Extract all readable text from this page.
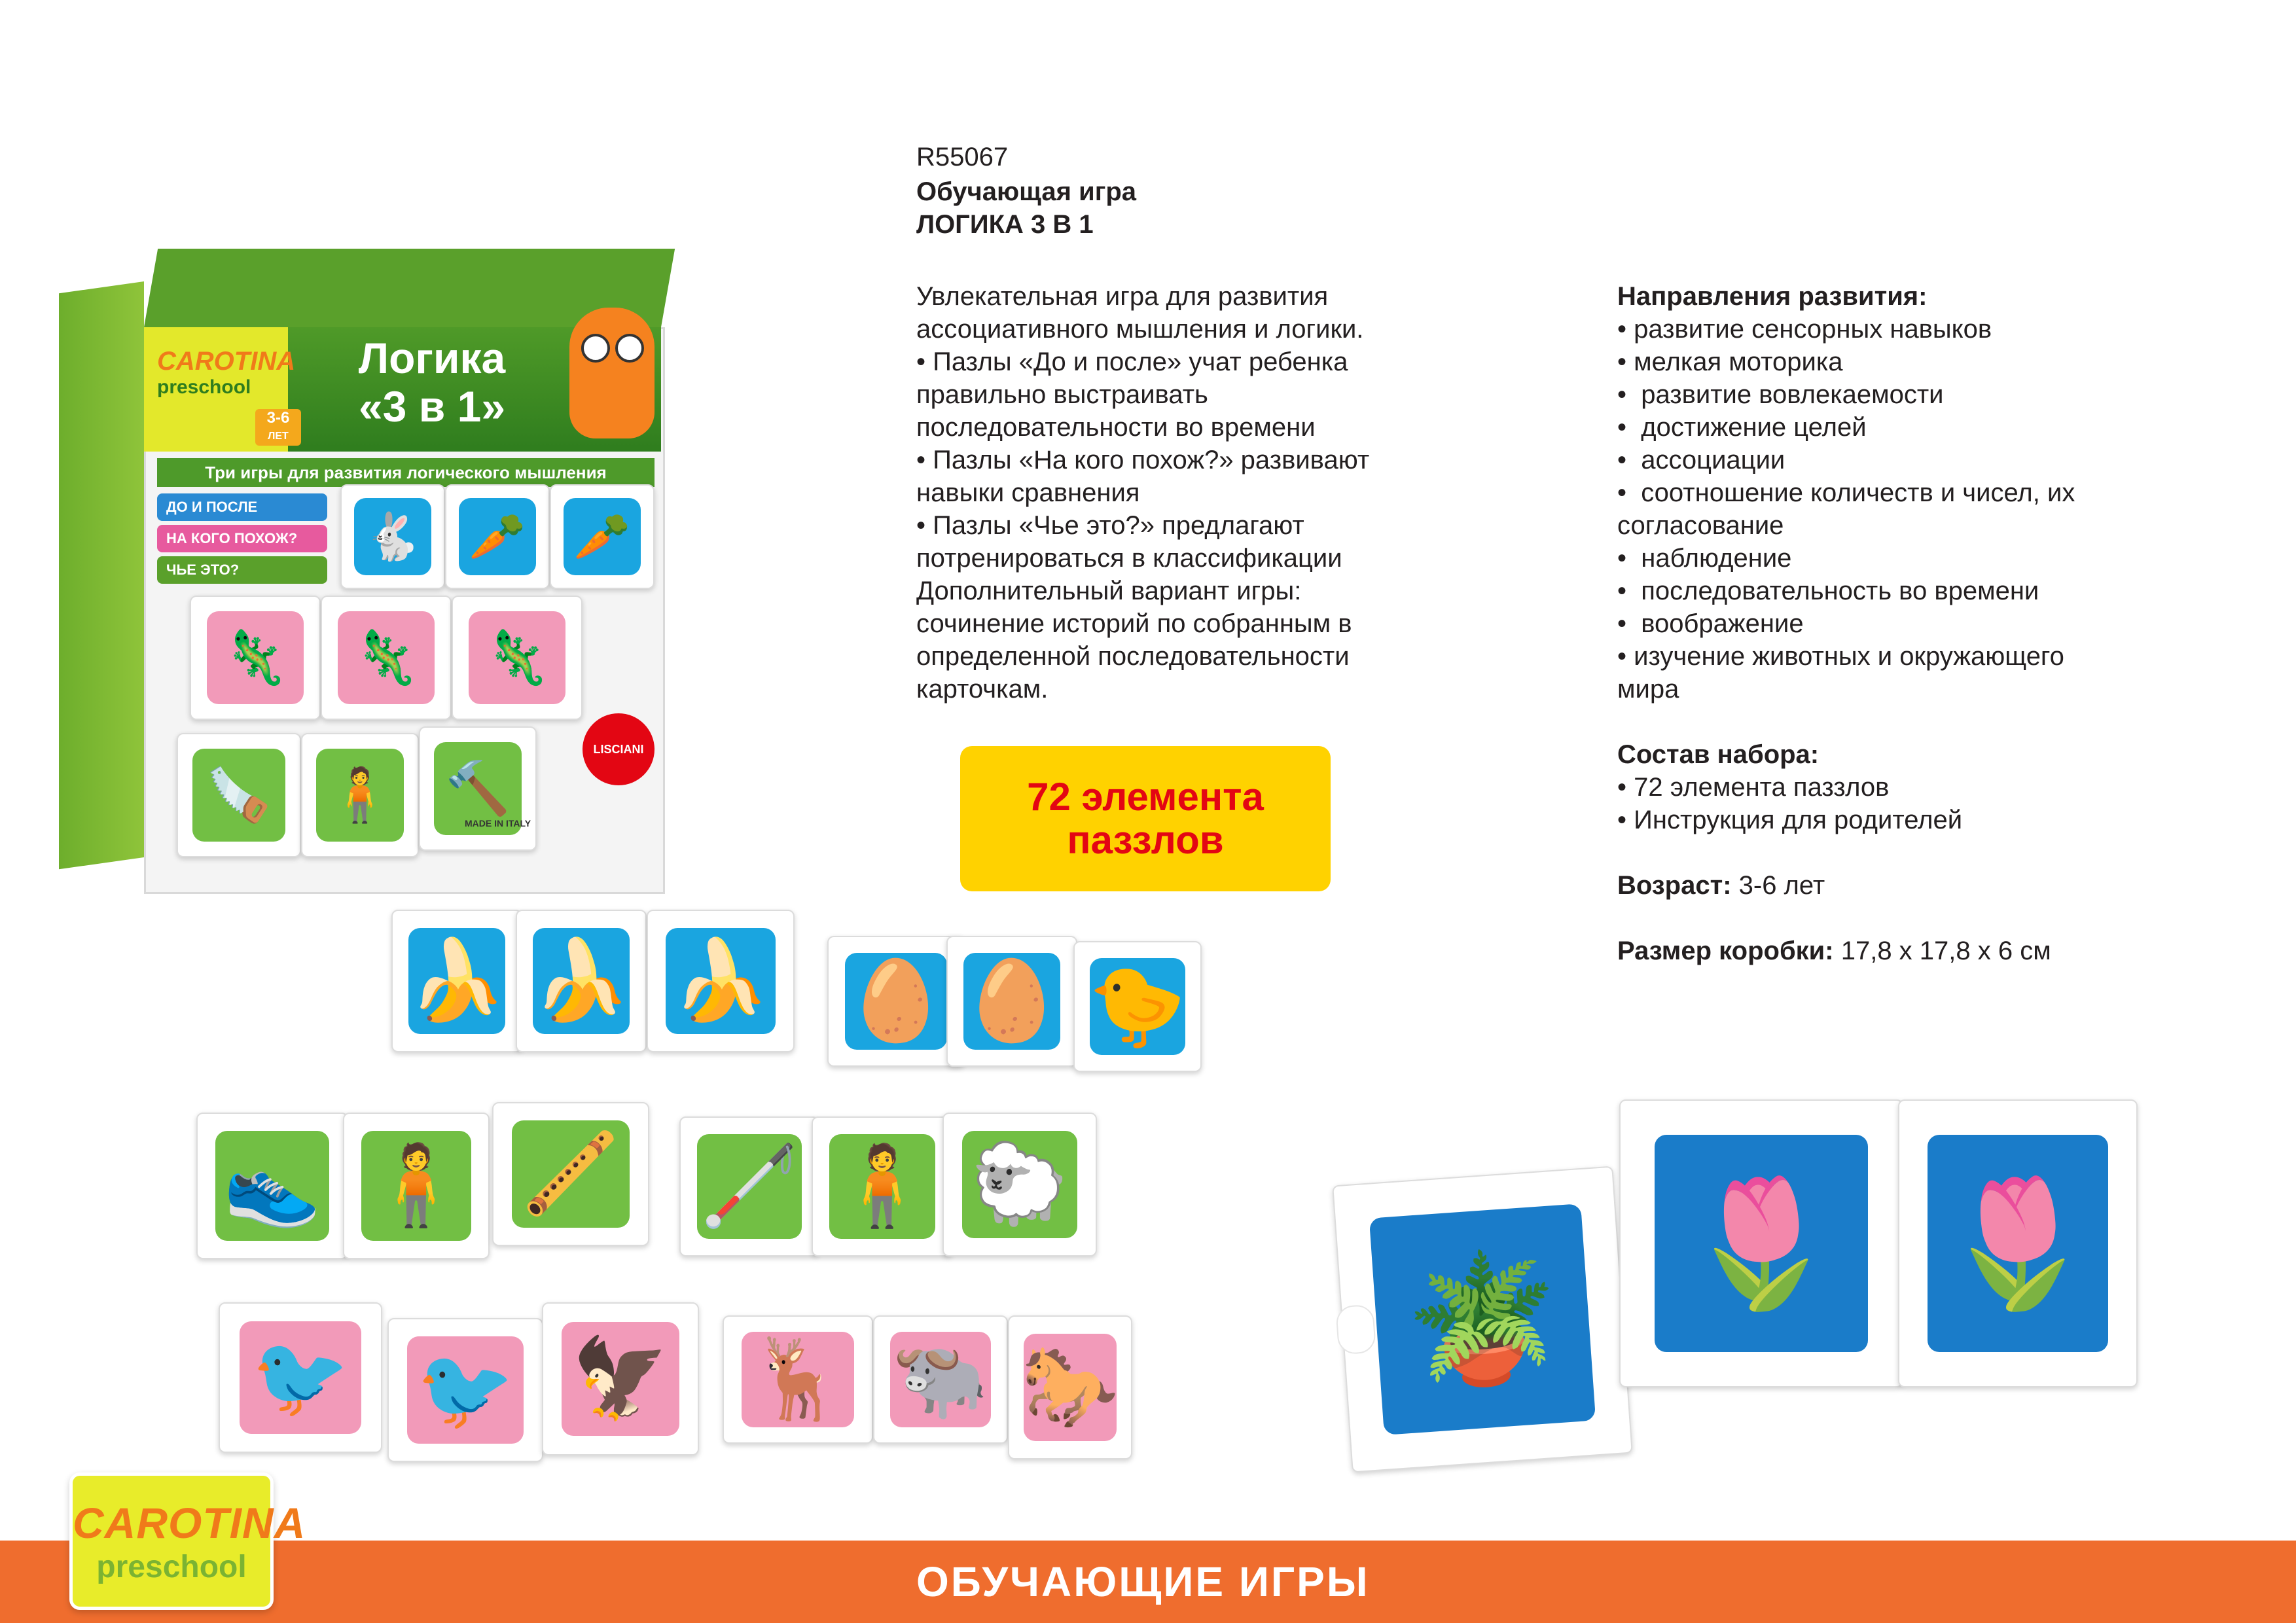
CAROTINA
preschool
3-6
ЛЕТ
Логика
«3 в 1»
Три игры для развития логического мышления
ДО И ПОСЛЕ
НА КОГО ПОХОЖ?
ЧЬЕ ЭТО?
🐇 🥕 🥕
🦎 🦎 🦎
🪚 🧍 🔨
LISCIANI
MADE IN ITALY
R55067
Обучающая игра
ЛОГИКА 3 В 1
Увлекательная игра для развития
ассоциативного мышления и логики.
• Пазлы «До и после» учат ребенка
правильно выстраивать
последовательности во времени
• Пазлы «На кого похож?» развивают
навыки сравнения
• Пазлы «Чье это?» предлагают
потренироваться в классификации
Дополнительный вариант игры:
сочинение историй по собранным в
определенной последовательности
карточкам.
Направления развития:
• развитие сенсорных навыков
• мелкая моторика
•  развитие вовлекаемости
•  достижение целей
•  ассоциации
•  соотношение количеств и чисел, их
согласование
•  наблюдение
•  последовательность во времени
•  воображение
• изучение животных и окружающего
мира
Состав набора:
• 72 элемента паззлов
• Инструкция для родителей
Возраст: 3-6 лет
Размер коробки: 17,8 х 17,8 х 6 см
72 элемента
паззлов
🍌 🍌 🍌 🥚 🥚 🐤
👟 🧍 🪈 🦯 🧍 🐑
🐦 🐦 🦅 🦌 🐃 🐎 🪴 🌷 🌷
ОБУЧАЮЩИЕ ИГРЫ
CAROTINA
preschool
